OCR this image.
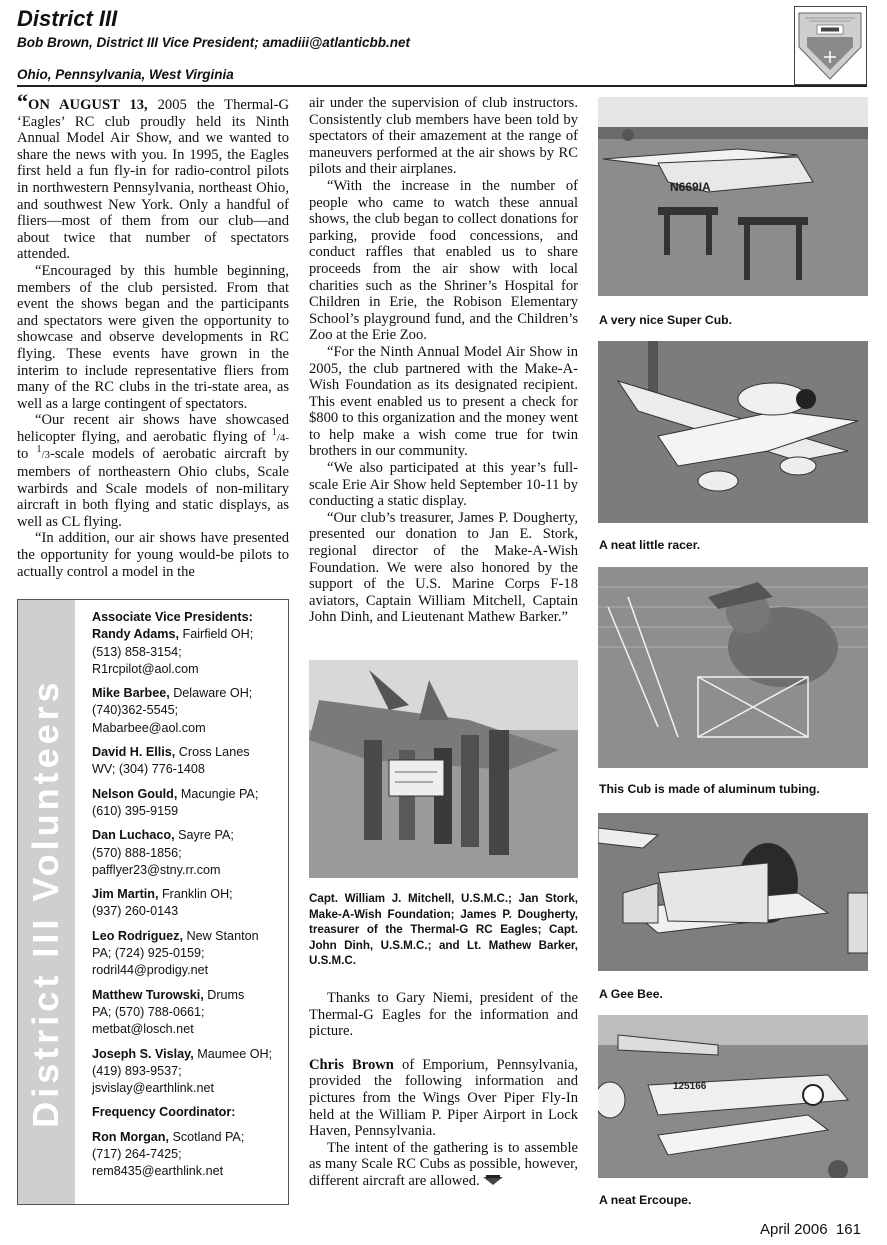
District III
Bob Brown, District III Vice President; amadiii@atlanticbb.net
Ohio, Pennsylvania, West Virginia

“ON AUGUST 13, 2005 the Thermal-G ‘Eagles’ RC club proudly held its Ninth Annual Model Air Show, and we wanted to share the news with you. In 1995, the Eagles first held a fun fly-in for radio-control pilots in northwestern Pennsylvania, northeast Ohio, and southwest New York. Only a handful of fliers—most of them from our club—and about twice that number of spectators attended.

“Encouraged by this humble beginning, members of the club persisted. From that event the shows began and the participants and spectators were given the opportunity to showcase and observe developments in RC flying. These events have grown in the interim to include representative fliers from many of the RC clubs in the tri-state area, as well as a large contingent of spectators.

“Our recent air shows have showcased helicopter flying, and aerobatic flying of $^1$/4- to $^1$/3-scale models of aerobatic aircraft by members of northeastern Ohio clubs, Scale warbirds and Scale models of non-military aircraft in both flying and static displays, as well as CL flying.

“In addition, our air shows have presented the opportunity for young would-be pilots to actually control a model in the

District III Volunteers
Associate Vice Presidents:
Randy Adams, Fairfield OH;
(513) 858-3154;
R1rcpilot@aol.com
Mike Barbee, Delaware OH;
(740)362-5545;
Mabarbee@aol.com
David H. Ellis, Cross Lanes
WV; (304) 776-1408
Nelson Gould, Macungie PA;
(610) 395-9159
Dan Luchaco, Sayre PA;
(570) 888-1856;
pafflyer23@stny.rr.com
Jim Martin, Franklin OH;
(937) 260-0143
Leo Rodriguez, New Stanton
PA; (724) 925-0159;
rodril44@prodigy.net
Matthew Turowski, Drums
PA; (570) 788-0661;
metbat@losch.net
Joseph S. Vislay, Maumee OH;
(419) 893-9537;
jsvislay@earthlink.net
Frequency Coordinator:
Ron Morgan, Scotland PA;
(717) 264-7425;
rem8435@earthlink.net

air under the supervision of club instructors. Consistently club members have been told by spectators of their amazement at the range of maneuvers performed at the air shows by RC pilots and their airplanes.

“With the increase in the number of people who came to watch these annual shows, the club began to collect donations for parking, provide food concessions, and conduct raffles that enabled us to share proceeds from the air show with local charities such as the Shriner’s Hospital for Children in Erie, the Robison Elementary School’s playground fund, and the Children’s Zoo at the Erie Zoo.

“For the Ninth Annual Model Air Show in 2005, the club partnered with the Make-A-Wish Foundation as its designated recipient. This event enabled us to present a check for $800 to this organization and the money went to help make a wish come true for twin brothers in our community.

“We also participated at this year’s full-scale Erie Air Show held September 10-11 by conducting a static display.

“Our club’s treasurer, James P. Dougherty, presented our donation to Jan E. Stork, regional director of the Make-A-Wish Foundation. We were also honored by the support of the U.S. Marine Corps F-18 aviators, Captain William Mitchell, Captain John Dinh, and Lieutenant Mathew Barker.”

Capt. William J. Mitchell, U.S.M.C.; Jan Stork, Make-A-Wish Foundation; James P. Dougherty, treasurer of the Thermal-G RC Eagles; Capt. John Dinh, U.S.M.C.; and Lt. Mathew Barker, U.S.M.C.

Thanks to Gary Niemi, president of the Thermal-G Eagles for the information and picture.

Chris Brown of Emporium, Pennsylvania, provided the following information and pictures from the Wings Over Piper Fly-In held at the William P. Piper Airport in Lock Haven, Pennsylvania.

The intent of the gathering is to assemble as many Scale RC Cubs as possible, however, different aircraft are allowed.

N669IA
A very nice Super Cub.
A neat little racer.
This Cub is made of aluminum tubing.
A Gee Bee.
125166
A neat Ercoupe.
April 2006 161
